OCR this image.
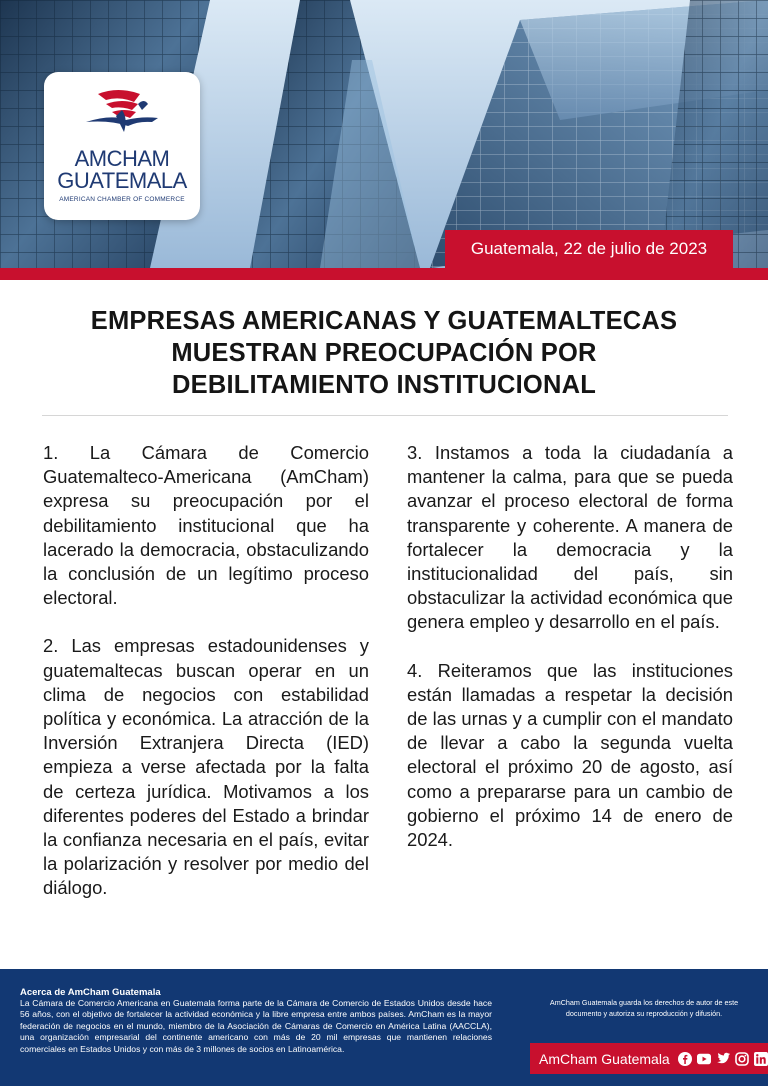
AMCHAM
GUATEMALA
AMERICAN CHAMBER OF COMMERCE
Guatemala, 22 de julio de 2023
EMPRESAS AMERICANAS Y GUATEMALTECAS
MUESTRAN PREOCUPACIÓN POR
DEBILITAMIENTO INSTITUCIONAL

1. La Cámara de Comercio Guatemalteco-Americana (AmCham) expresa su preocupación por el debilitamiento institucional que ha lacerado la democracia, obstaculizando la conclusión de un legítimo proceso electoral.

2. Las empresas estadounidenses y guatemaltecas buscan operar en un clima de negocios con estabilidad política y económica. La atracción de la Inversión Extranjera Directa (IED) empieza a verse afectada por la falta de certeza jurídica. Motivamos a los diferentes poderes del Estado a brindar la confianza necesaria en el país, evitar la polarización y resolver por medio del diálogo.

3. Instamos a toda la ciudadanía a mantener la calma, para que se pueda avanzar el proceso electoral de forma transparente y coherente. A manera de fortalecer la democracia y la institucionalidad del país, sin obstaculizar la actividad económica que genera empleo y desarrollo en el país.

4. Reiteramos que las instituciones están llamadas a respetar la decisión de las urnas y a cumplir con el mandato de llevar a cabo la segunda vuelta electoral el próximo 20 de agosto, así como a prepararse para un cambio de gobierno el próximo 14 de enero de 2024.

Acerca de AmCham Guatemala
La Cámara de Comercio Americana en Guatemala forma parte de la Cámara de Comercio de Estados Unidos desde hace 56 años, con el objetivo de fortalecer la actividad económica y la libre empresa entre ambos países. AmCham es la mayor federación de negocios en el mundo, miembro de la Asociación de Cámaras de Comercio en América Latina (AACCLA), una organización empresarial del continente americano con más de 20 mil empresas que mantienen relaciones comerciales en Estados Unidos y con más de 3 millones de socios en Latinoamérica.
AmCham Guatemala guarda los derechos de autor de este documento y autoriza su reproducción y difusión.
AmCham Guatemala
